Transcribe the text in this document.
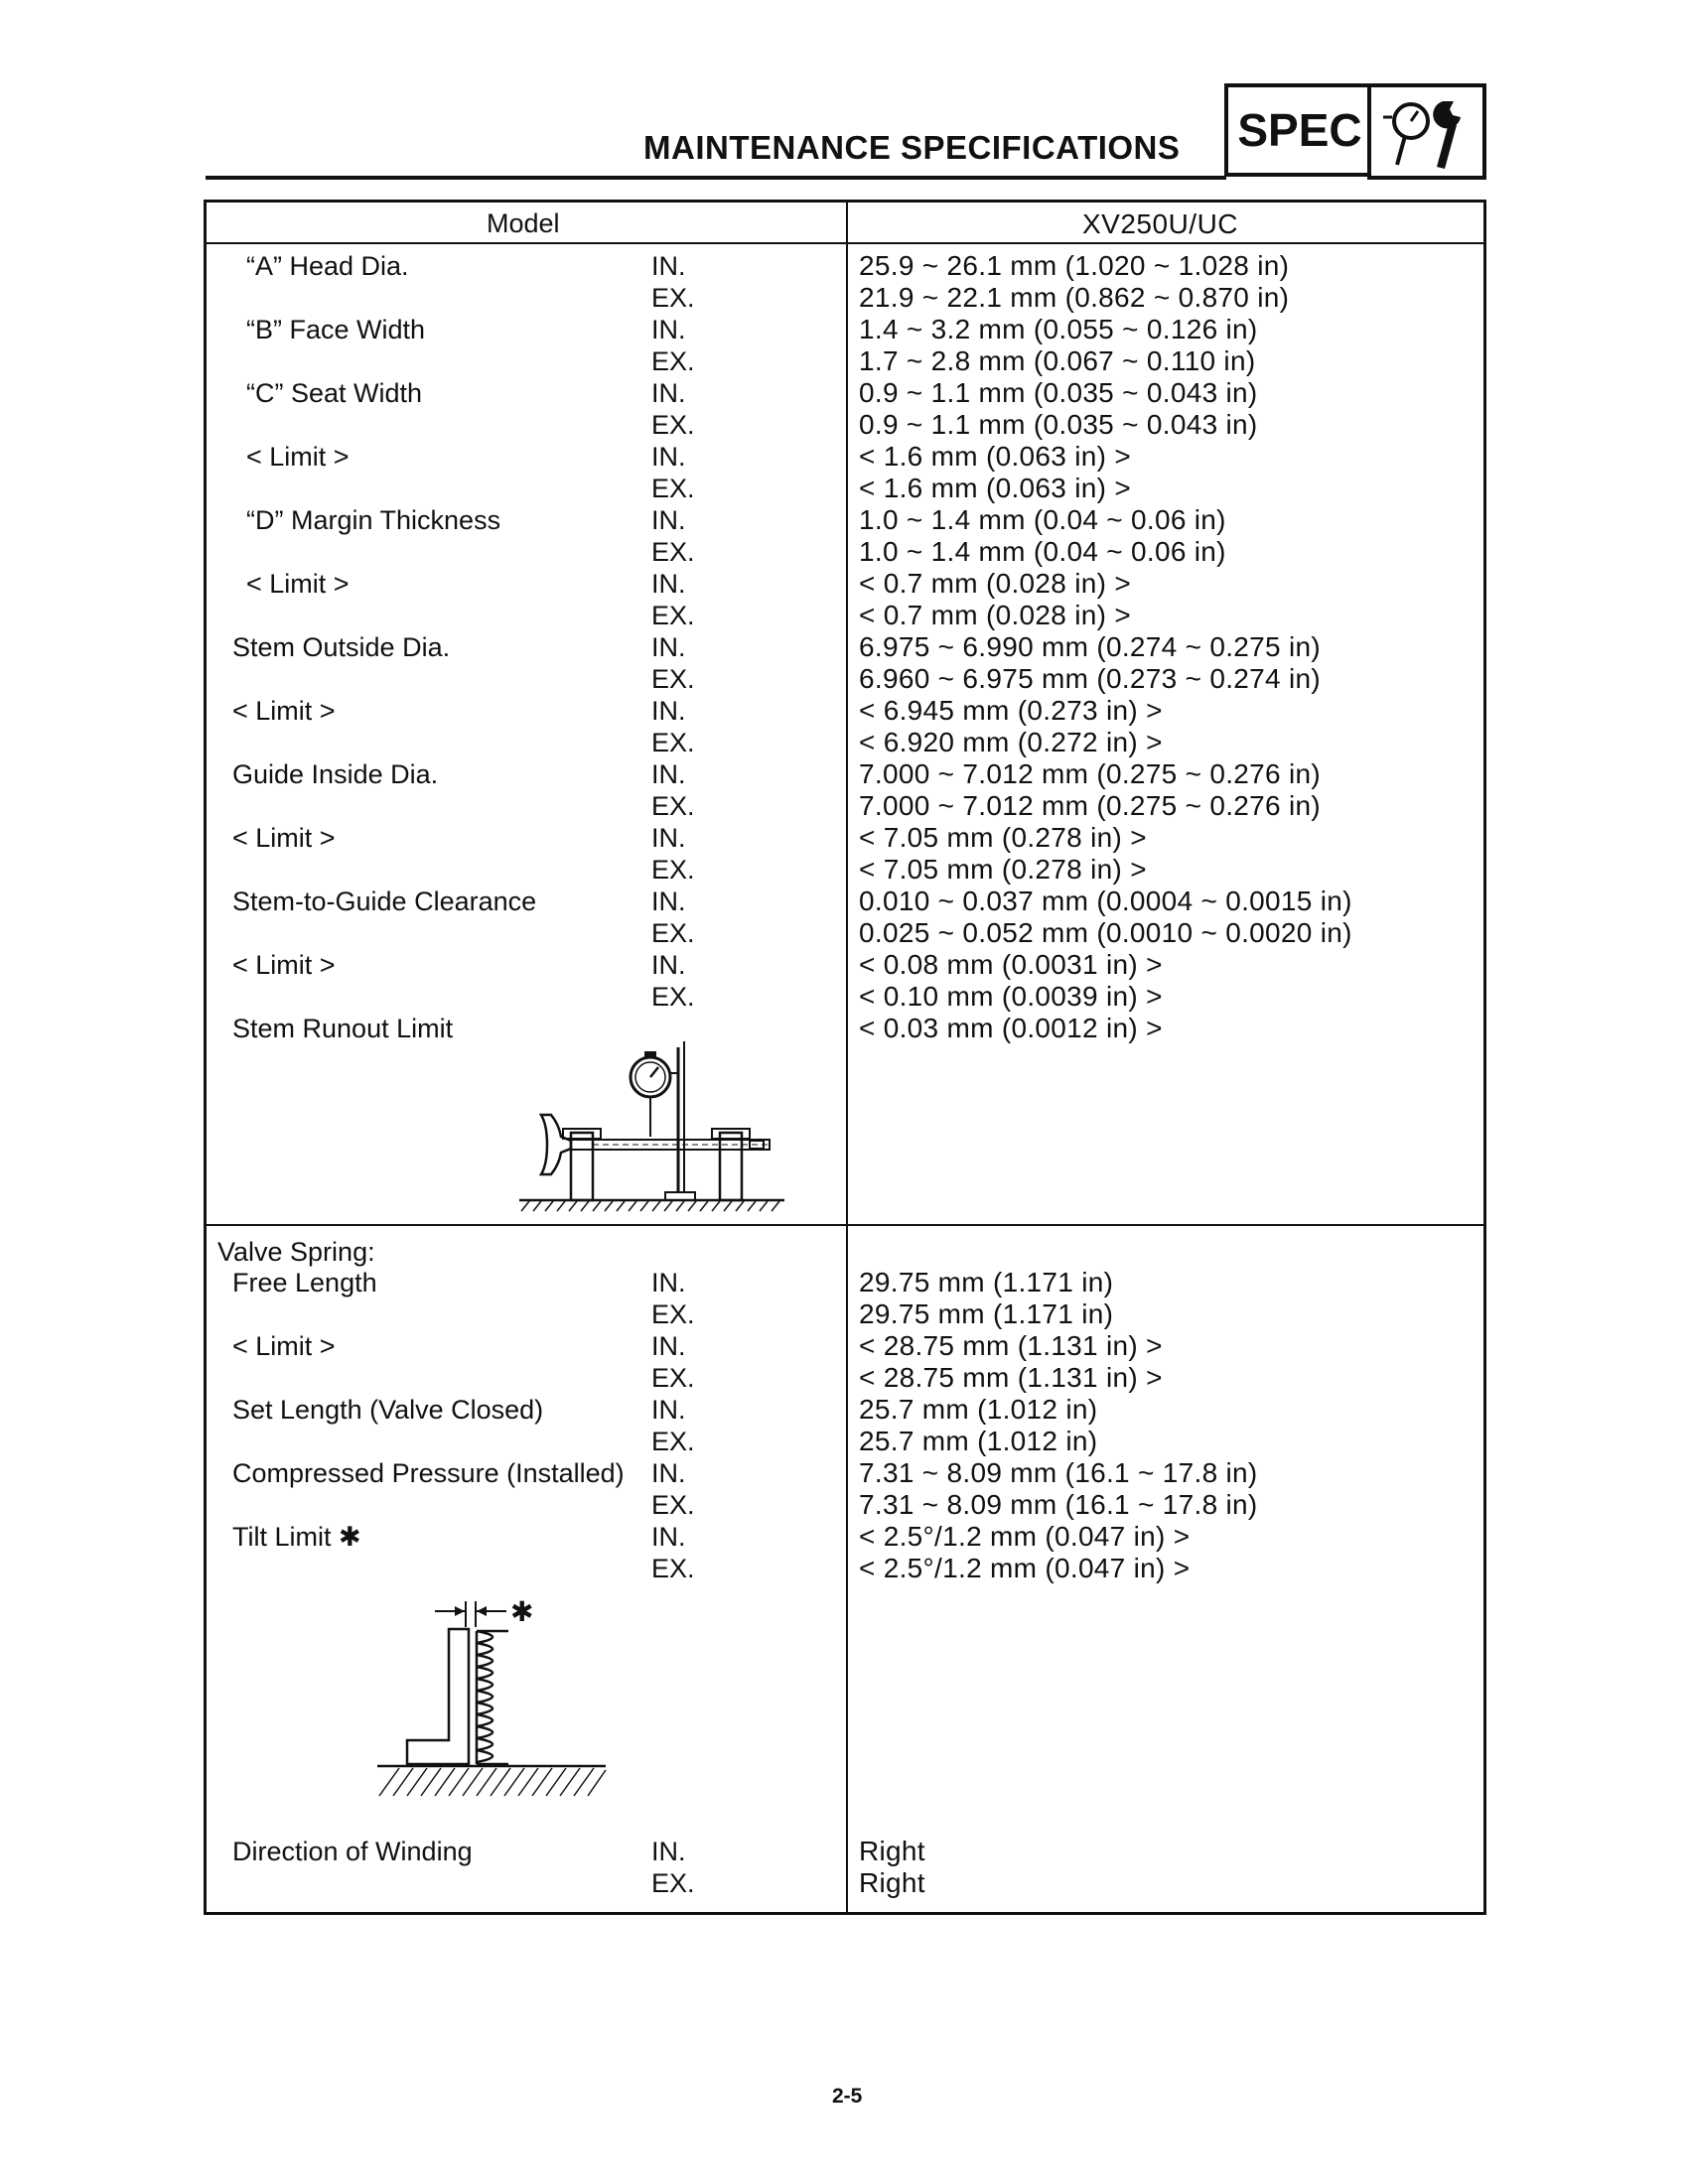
MAINTENANCE SPECIFICATIONS SPEC
Model	XV250U/UC
“A” Head Dia.	IN.	25.9 ~ 26.1 mm (1.020 ~ 1.028 in)
EX.	21.9 ~ 22.1 mm (0.862 ~ 0.870 in)
“B” Face Width	IN.	1.4 ~ 3.2 mm (0.055 ~ 0.126 in)
EX.	1.7 ~ 2.8 mm (0.067 ~ 0.110 in)
“C” Seat Width	IN.	0.9 ~ 1.1 mm (0.035 ~ 0.043 in)
EX.	0.9 ~ 1.1 mm (0.035 ~ 0.043 in)
< Limit >	IN.	< 1.6 mm (0.063 in) >
EX.	< 1.6 mm (0.063 in) >
“D” Margin Thickness	IN.	1.0 ~ 1.4 mm (0.04 ~ 0.06 in)
EX.	1.0 ~ 1.4 mm (0.04 ~ 0.06 in)
< Limit >	IN.	< 0.7 mm (0.028 in) >
EX.	< 0.7 mm (0.028 in) >
Stem Outside Dia.	IN.	6.975 ~ 6.990 mm (0.274 ~ 0.275 in)
EX.	6.960 ~ 6.975 mm (0.273 ~ 0.274 in)
< Limit >	IN.	< 6.945 mm (0.273 in) >
EX.	< 6.920 mm (0.272 in) >
Guide Inside Dia.	IN.	7.000 ~ 7.012 mm (0.275 ~ 0.276 in)
EX.	7.000 ~ 7.012 mm (0.275 ~ 0.276 in)
< Limit >	IN.	< 7.05 mm (0.278 in) >
EX.	< 7.05 mm (0.278 in) >
Stem-to-Guide Clearance	IN.	0.010 ~ 0.037 mm (0.0004 ~ 0.0015 in)
EX.	0.025 ~ 0.052 mm (0.0010 ~ 0.0020 in)
< Limit >	IN.	< 0.08 mm (0.0031 in) >
EX.	< 0.10 mm (0.0039 in) >
Stem Runout Limit	< 0.03 mm (0.0012 in) >
Valve Spring:
Free Length	IN.	29.75 mm (1.171 in)
EX.	29.75 mm (1.171 in)
< Limit >	IN.	< 28.75 mm (1.131 in) >
EX.	< 28.75 mm (1.131 in) >
Set Length (Valve Closed)	IN.	25.7 mm (1.012 in)
EX.	25.7 mm (1.012 in)
Compressed Pressure (Installed) IN.	7.31 ~ 8.09 mm (16.1 ~ 17.8 in)
EX.	7.31 ~ 8.09 mm (16.1 ~ 17.8 in)
Tilt Limit ✱	IN.	< 2.5°/1.2 mm (0.047 in) >
EX.	< 2.5°/1.2 mm (0.047 in) >
✱
Direction of Winding	IN.	Right
EX.	Right
2-5
